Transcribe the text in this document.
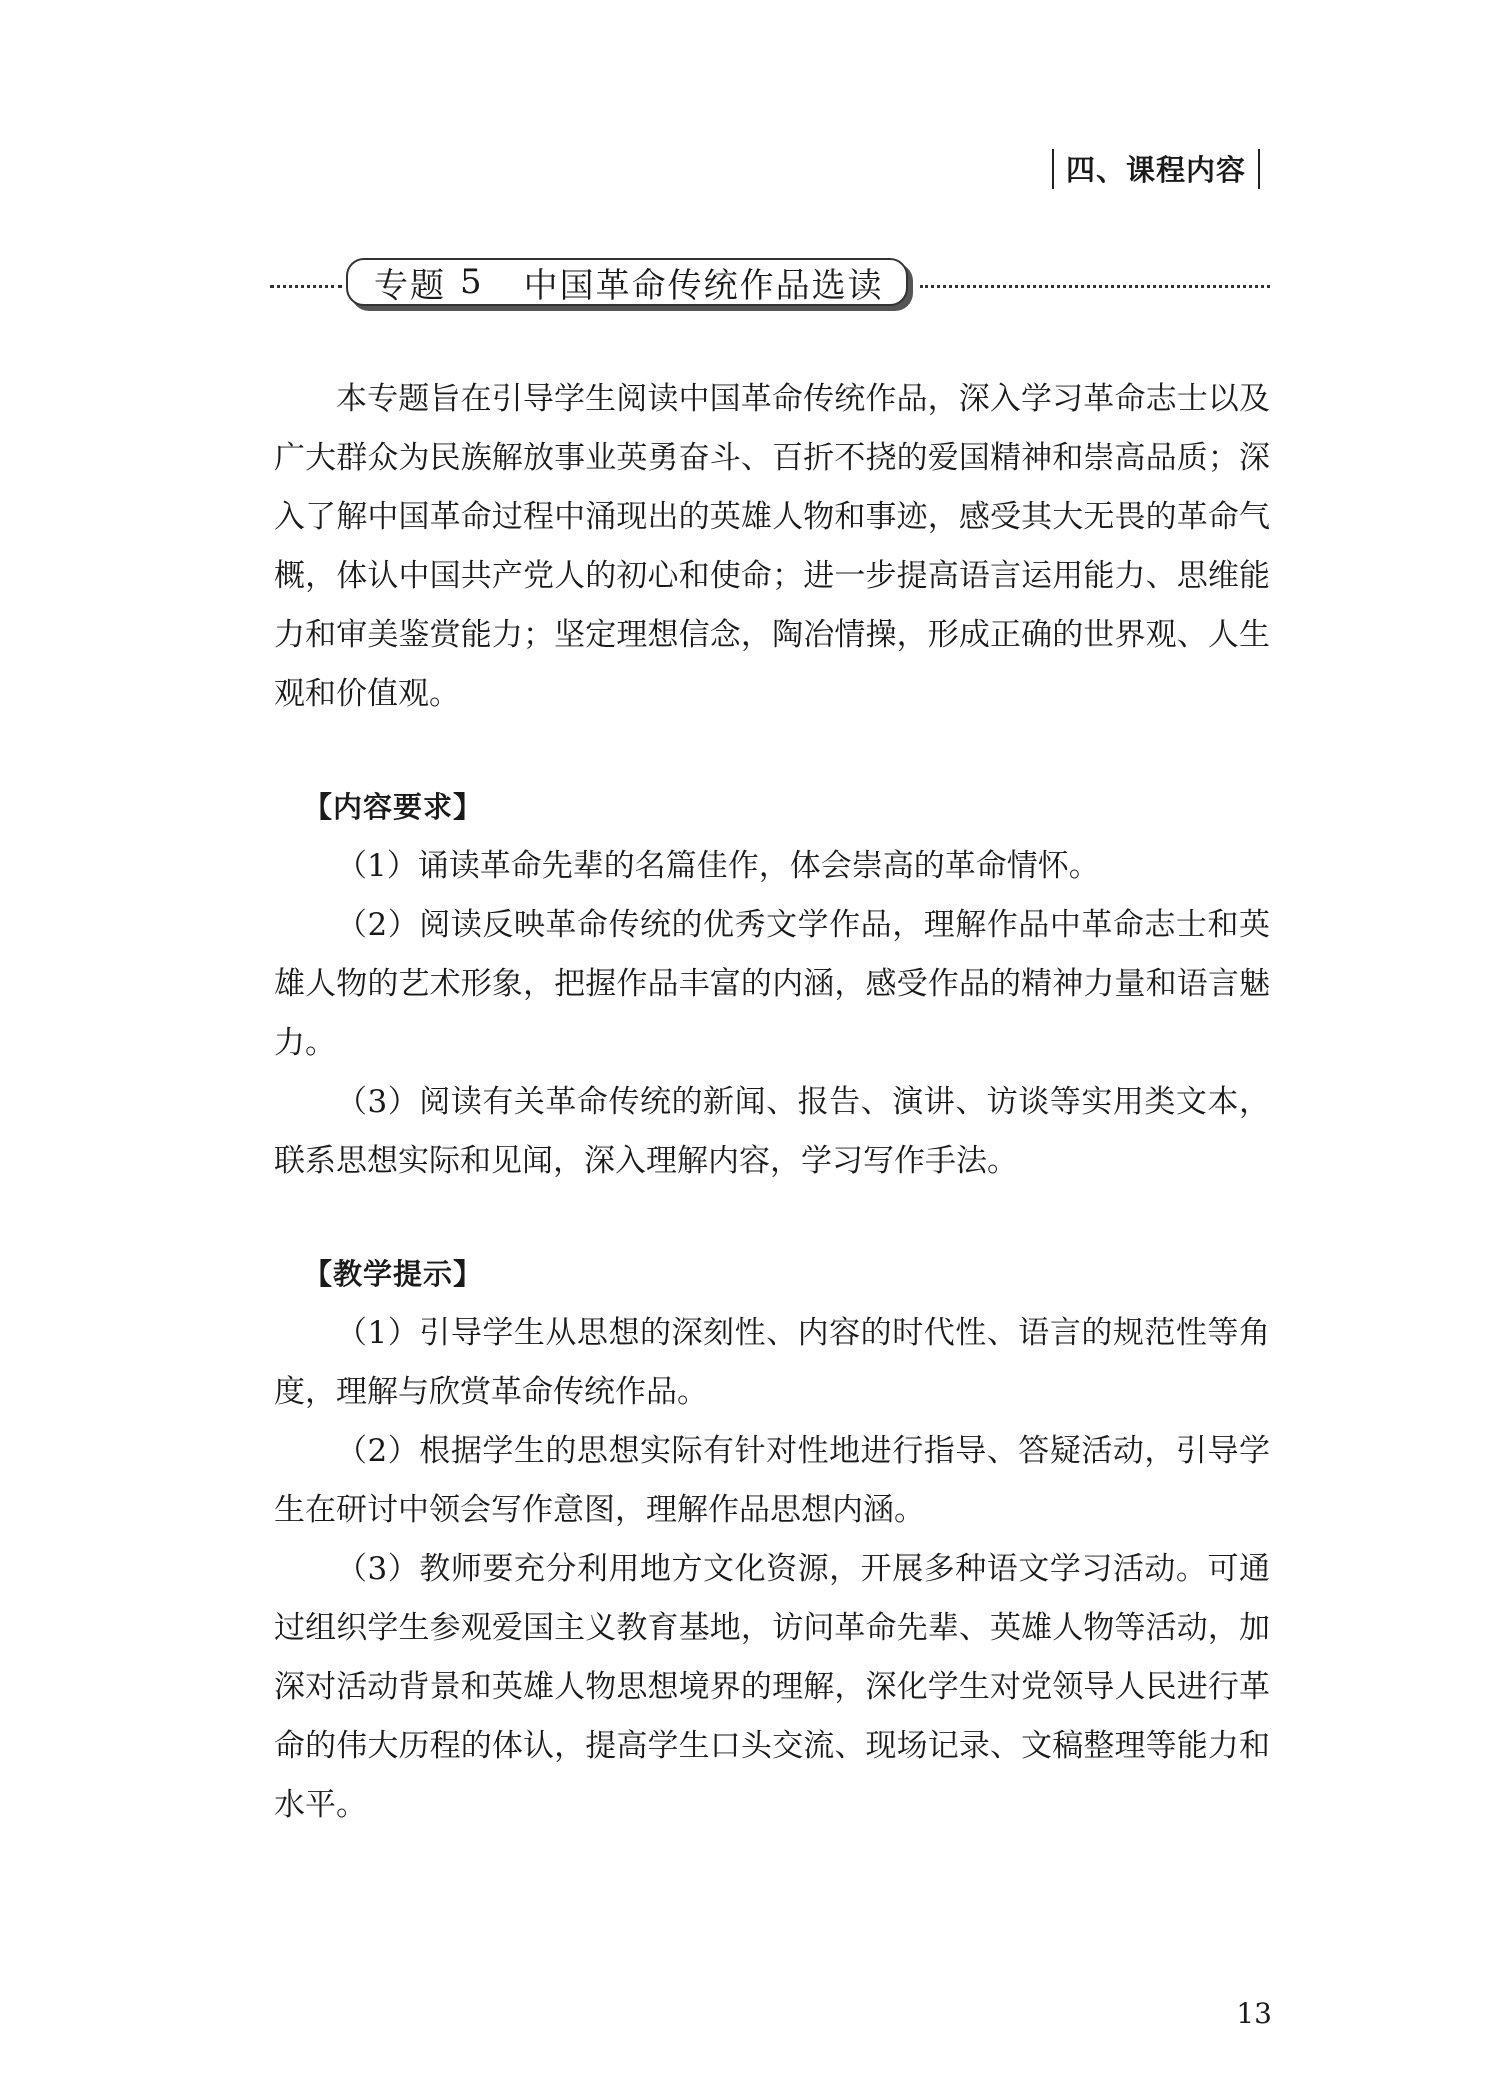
四、课程内容
专题 5 中国革命传统作品选读

本专题旨在引导学生阅读中国革命传统作品，深入学习革命志士以及广大群众为民族解放事业英勇奋斗、百折不挠的爱国精神和崇高品质；深入了解中国革命过程中涌现出的英雄人物和事迹，感受其大无畏的革命气概，体认中国共产党人的初心和使命；进一步提高语言运用能力、思维能力和审美鉴赏能力；坚定理想信念，陶冶情操，形成正确的世界观、人生观和价值观。

【内容要求】

（1）诵读革命先辈的名篇佳作，体会崇高的革命情怀。

（2）阅读反映革命传统的优秀文学作品，理解作品中革命志士和英雄人物的艺术形象，把握作品丰富的内涵，感受作品的精神力量和语言魅力。

（3）阅读有关革命传统的新闻、报告、演讲、访谈等实用类文本，联系思想实际和见闻，深入理解内容，学习写作手法。

【教学提示】

（1）引导学生从思想的深刻性、内容的时代性、语言的规范性等角度，理解与欣赏革命传统作品。

（2）根据学生的思想实际有针对性地进行指导、答疑活动，引导学生在研讨中领会写作意图，理解作品思想内涵。

（3）教师要充分利用地方文化资源，开展多种语文学习活动。可通过组织学生参观爱国主义教育基地，访问革命先辈、英雄人物等活动，加深对活动背景和英雄人物思想境界的理解，深化学生对党领导人民进行革命的伟大历程的体认，提高学生口头交流、现场记录、文稿整理等能力和水平。

13
